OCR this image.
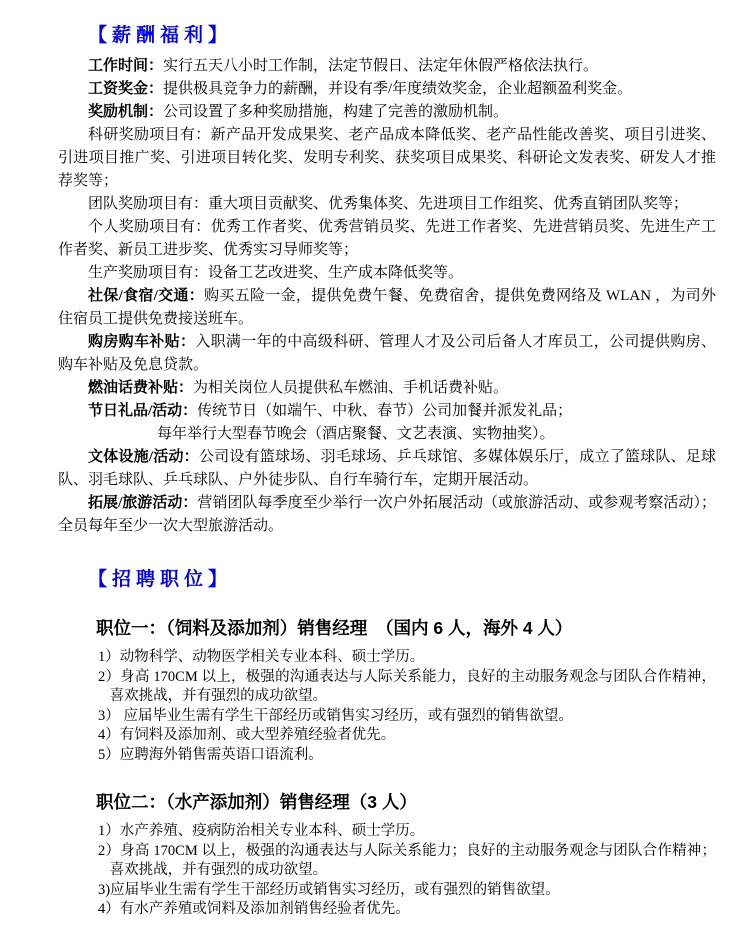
【薪酬福利】

工作时间：实行五天八小时工作制，法定节假日、法定年休假严格依法执行。

工资奖金：提供极具竞争力的薪酬，并设有季/年度绩效奖金，企业超额盈利奖金。

奖励机制：公司设置了多种奖励措施，构建了完善的激励机制。

科研奖励项目有：新产品开发成果奖、老产品成本降低奖、老产品性能改善奖、项目引进奖、引进项目推广奖、引进项目转化奖、发明专利奖、获奖项目成果奖、科研论文发表奖、研发人才推荐奖等；

团队奖励项目有：重大项目贡献奖、优秀集体奖、先进项目工作组奖、优秀直销团队奖等；

个人奖励项目有：优秀工作者奖、优秀营销员奖、先进工作者奖、先进营销员奖、先进生产工作者奖、新员工进步奖、优秀实习导师奖等；

生产奖励项目有：设备工艺改进奖、生产成本降低奖等。

社保/食宿/交通：购买五险一金，提供免费午餐、免费宿舍，提供免费网络及 WLAN ，为司外住宿员工提供免费接送班车。

购房购车补贴：入职满一年的中高级科研、管理人才及公司后备人才库员工，公司提供购房、购车补贴及免息贷款。

燃油话费补贴：为相关岗位人员提供私车燃油、手机话费补贴。

节日礼品/活动：传统节日（如端午、中秋、春节）公司加餐并派发礼品；

每年举行大型春节晚会（酒店聚餐、文艺表演、实物抽奖）。

文体设施/活动：公司设有篮球场、羽毛球场、乒乓球馆、多媒体娱乐厅，成立了篮球队、足球队、羽毛球队、乒乓球队、户外徒步队、自行车骑行车，定期开展活动。

拓展/旅游活动：营销团队每季度至少举行一次户外拓展活动（或旅游活动、或参观考察活动）；全员每年至少一次大型旅游活动。

【招聘职位】
职位一：（饲料及添加剂）销售经理　（国内 6 人，海外 4 人）
1）动物科学、动物医学相关专业本科、硕士学历。
2）身高 170CM 以上，极强的沟通表达与人际关系能力，良好的主动服务观念与团队合作精神，喜欢挑战，并有强烈的成功欲望。
3） 应届毕业生需有学生干部经历或销售实习经历，或有强烈的销售欲望。
4）有饲料及添加剂、或大型养殖经验者优先。
5）应聘海外销售需英语口语流利。
职位二：（水产添加剂）销售经理（3 人）
1）水产养殖、疫病防治相关专业本科、硕士学历。
2）身高 170CM 以上，极强的沟通表达与人际关系能力；良好的主动服务观念与团队合作精神；喜欢挑战，并有强烈的成功欲望。
3)应届毕业生需有学生干部经历或销售实习经历，或有强烈的销售欲望。
4）有水产养殖或饲料及添加剂销售经验者优先。
